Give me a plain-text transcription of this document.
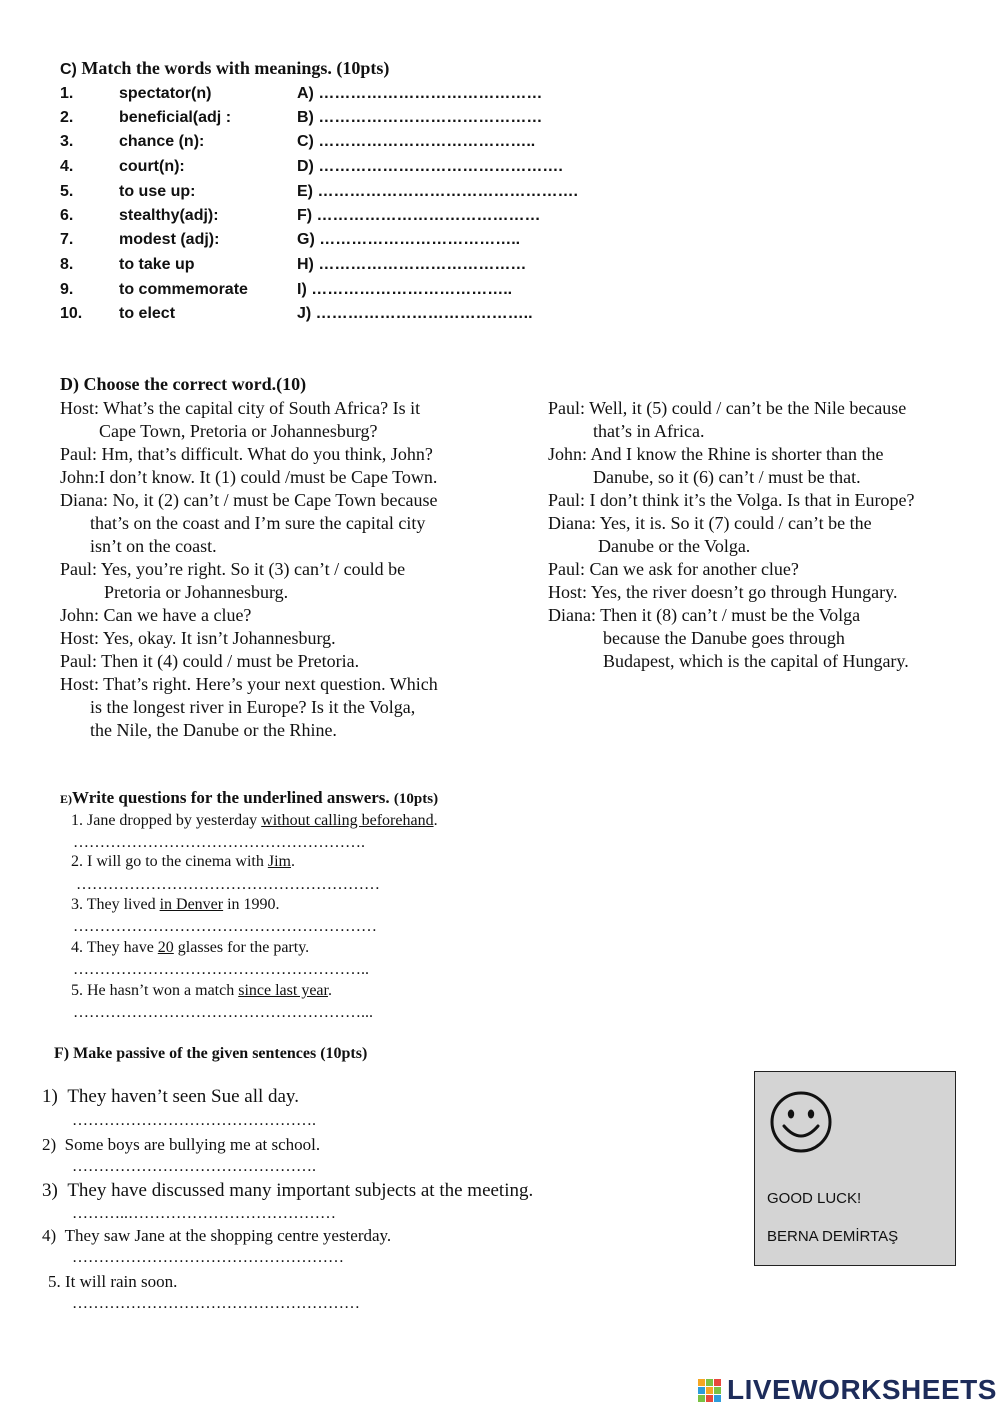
C) Match the words with meanings. (10pts)
1.	spectator(n)	A) ……………………………………
2.	beneficial(adj :	B) ……………………………………
3.	chance (n):	C) …………………………………..
4.	court(n):	D) ……………………………………….
5.	to use up:	E) ………………………………………….
6.	stealthy(adj):	F) ……………………………………
7.	modest (adj):	G) ………………………………..
8.	to take up	H) …………………………………
9.	to commemorate	I) ………………………………..
10. to elect	J) …………………………………..
D) Choose the correct word.(10)
Host: What’s the capital city of South Africa? Is it
Cape Town, Pretoria or Johannesburg?
Paul: Hm, that’s difficult. What do you think, John?
John:I don’t know. It (1) could /must be Cape Town.
Diana: No, it (2) can’t / must be Cape Town because
that’s on the coast and I’m sure the capital city
isn’t on the coast.
Paul: Yes, you’re right. So it (3) can’t / could be
Pretoria or Johannesburg.
John: Can we have a clue?
Host: Yes, okay. It isn’t Johannesburg.
Paul: Then it (4) could / must be Pretoria.
Host: That’s right. Here’s your next question. Which
is the longest river in Europe? Is it the Volga,
the Nile, the Danube or the Rhine.
Paul: Well, it (5) could / can’t be the Nile because
that’s in Africa.
John: And I know the Rhine is shorter than the
Danube, so it (6) can’t / must be that.
Paul: I don’t think it’s the Volga. Is that in Europe?
Diana: Yes, it is. So it (7) could / can’t be the
Danube or the Volga.
Paul: Can we ask for another clue?
Host: Yes, the river doesn’t go through Hungary.
Diana: Then it (8) can’t / must be the Volga
because the Danube goes through
Budapest, which is the capital of Hungary.
E)Write questions for the underlined answers. (10pts)
1. Jane dropped by yesterday without calling beforehand.
……………………………………………….
2. I will go to the cinema with Jim.
…………………………………………………
3. They lived in Denver in 1990.
…………………………………………………
4. They have 20 glasses for the party.
………………………………………………..
5. He hasn’t won a match since last year.
………………………………………………...
F) Make passive of the given sentences (10pts)
1) They haven’t seen Sue all day.
……………………………………….
2) Some boys are bullying me at school.
……………………………………….
3) They have discussed many important subjects at the meeting.
………..…………………………………
4) They saw Jane at the shopping centre yesterday.
……………………………………………
5. It will rain soon.
………………………………………………
GOOD LUCK!
BERNA DEMİRTAŞ
LIVEWORKSHEETS
